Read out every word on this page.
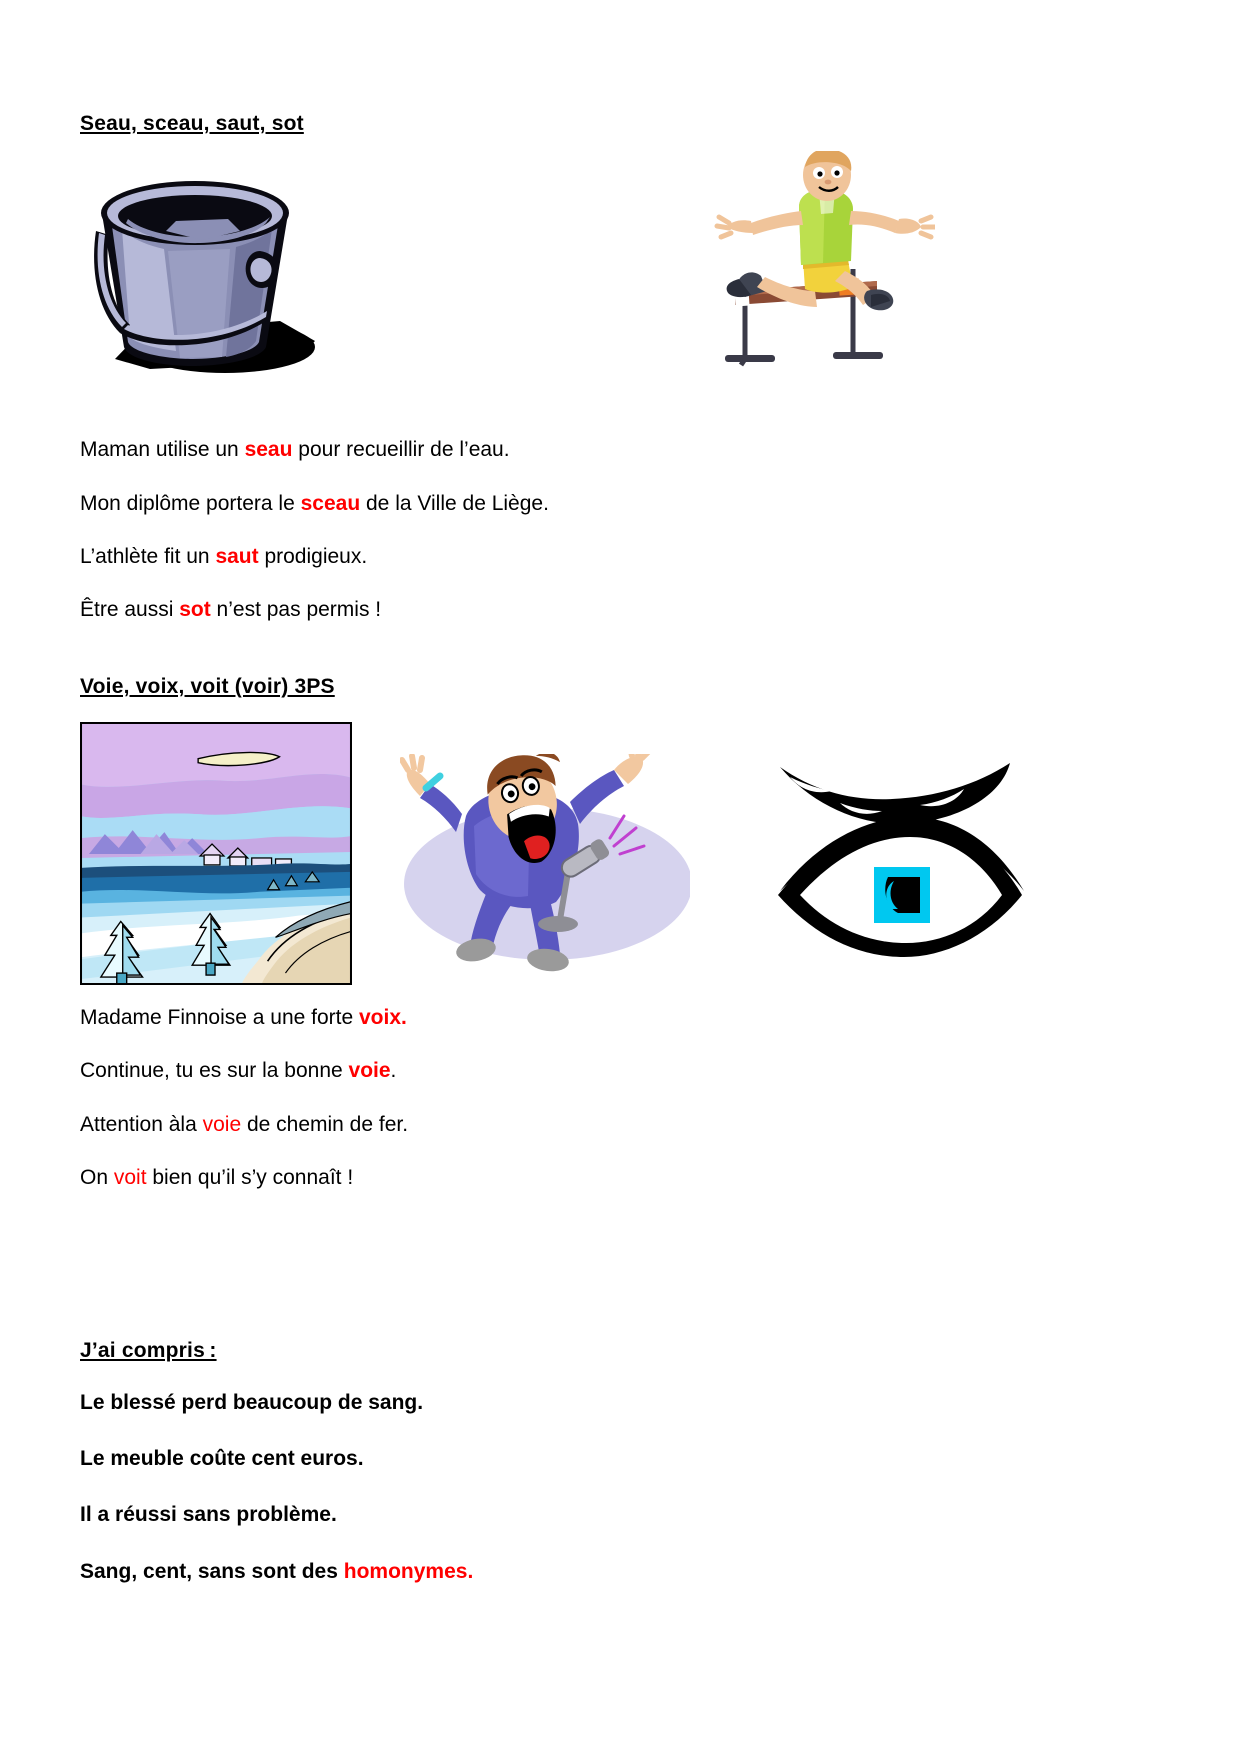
Seau, sceau, saut, sot
Maman utilise un seau pour recueillir de l’eau.
Mon diplôme portera le sceau de la Ville de Liège.
L’athlète fit un saut prodigieux.
Être aussi sot n’est pas permis !
Voie, voix, voit (voir) 3PS
Madame Finnoise a une forte voix.
Continue, tu es sur la bonne voie.
Attention àla voie de chemin de fer.
On voit bien qu’il s’y connaît !
J’ai compris :
Le blessé perd beaucoup de sang.
Le meuble coûte cent euros.
Il a réussi sans problème.
Sang, cent, sans sont des homonymes.
